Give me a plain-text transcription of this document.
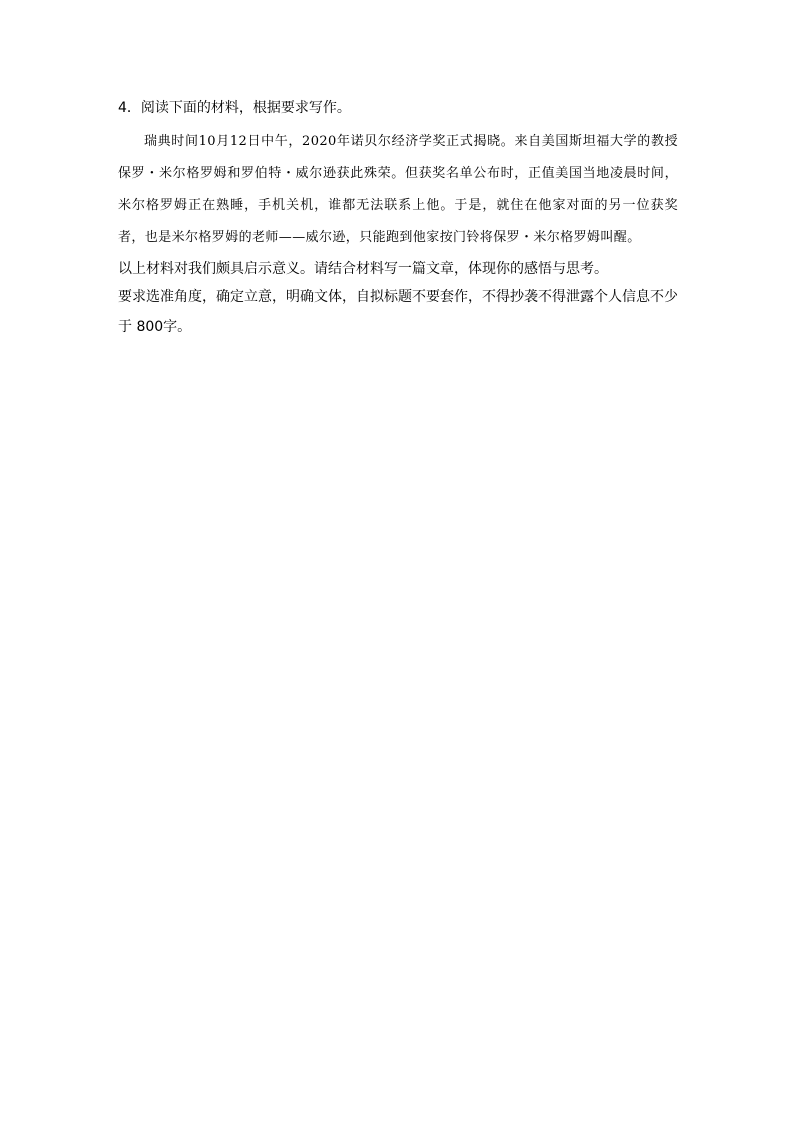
4．阅读下面的材料，根据要求写作。

瑞典时间10月12日中午，2020年诺贝尔经济学奖正式揭晓。来自美国斯坦福大学的教授保罗・米尔格罗姆和罗伯特・威尔逊获此殊荣。但获奖名单公布时，正值美国当地凌晨时间，米尔格罗姆正在熟睡，手机关机，谁都无法联系上他。于是，就住在他家对面的另一位获奖者，也是米尔格罗姆的老师——威尔逊，只能跑到他家按门铃将保罗・米尔格罗姆叫醒。

以上材料对我们颇具启示意义。请结合材料写一篇文章，体现你的感悟与思考。

要求选准角度，确定立意，明确文体，自拟标题不要套作，不得抄袭不得泄露个人信息不少于 800字。
